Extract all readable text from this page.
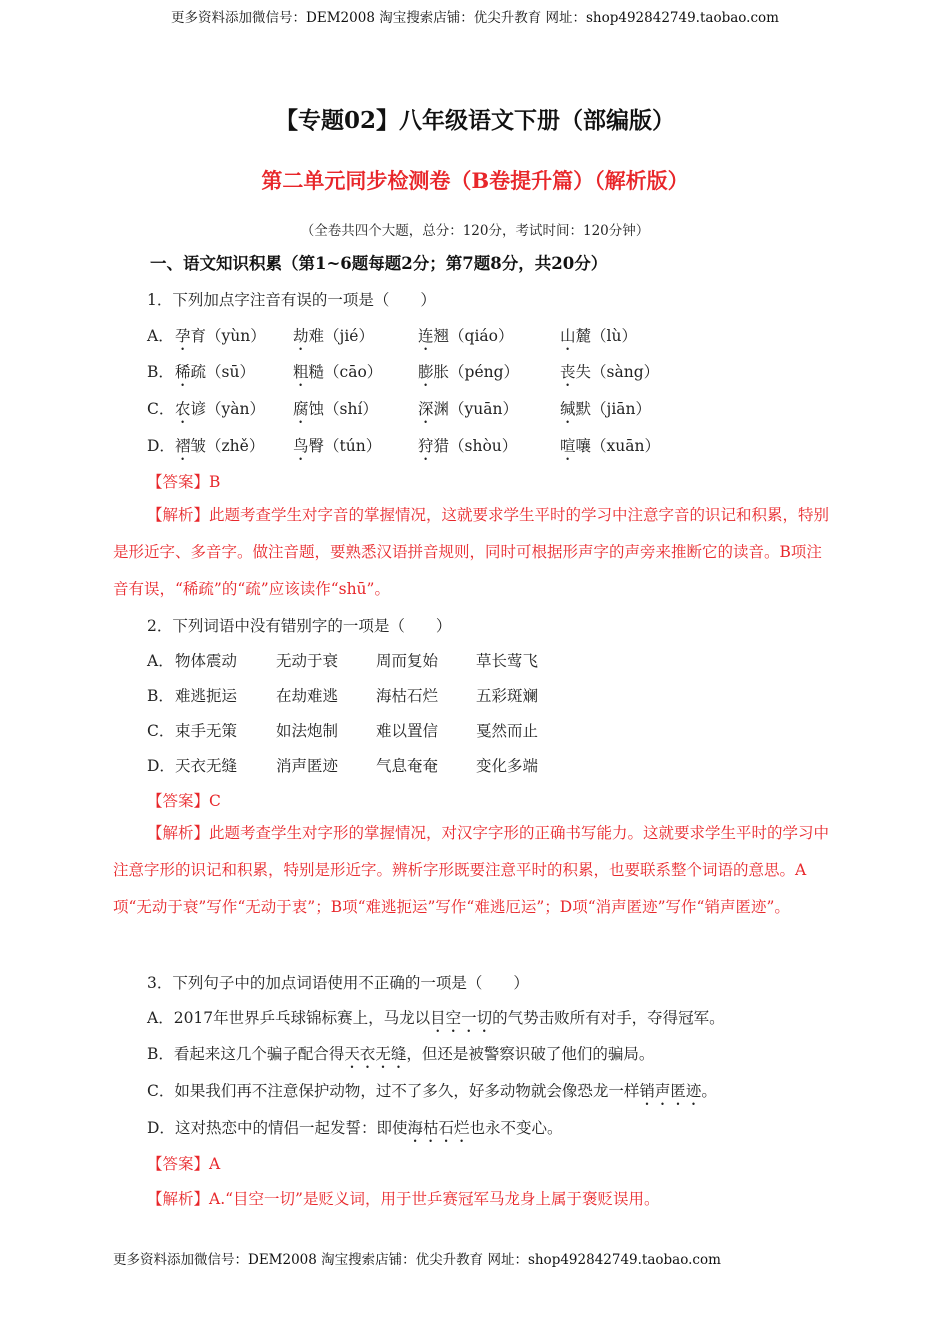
更多资料添加微信号：DEM2008 淘宝搜索店铺：优尖升教育 网址：shop492842749.taobao.com
【专题02】八年级语文下册（部编版）
第二单元同步检测卷（B卷提升篇）（解析版）
（全卷共四个大题，总分：120分，考试时间：120分钟）
一、语文知识积累（第1~6题每题2分；第7题8分，共20分）
1．下列加点字注音有误的一项是（　　）
A． 孕育（yùn） 劫难（jié）	连翘（qiáo）	山麓（lù）
B． 稀疏（sū） 粗糙（cāo） 膨胀（péng）	丧失（sàng）
C． 农谚（yàn） 腐蚀（shí）	深渊（yuān）	缄默（jiān）
D． 褶皱（zhě） 鸟臀（tún） 狩猎（shòu）	喧嚷（xuān）
【答案】B
【解析】此题考查学生对字音的掌握情况，这就要求学生平时的学习中注意字音的识记和积累，特别是形近字、多音字。做注音题，要熟悉汉语拼音规则，同时可根据形声字的声旁来推断它的读音。B项注音有误，“稀疏”的“疏”应该读作“shū”。
2．下列词语中没有错别字的一项是（　　）
A． 物体震动	无动于衰 周而复始 草长莺飞
B． 难逃扼运	在劫难逃 海枯石烂 五彩斑斓
C． 束手无策	如法炮制 难以置信 戛然而止
D． 天衣无缝	消声匿迹 气息奄奄 变化多端
【答案】C
【解析】此题考查学生对字形的掌握情况，对汉字字形的正确书写能力。这就要求学生平时的学习中注意字形的识记和积累，特别是形近字。辨析字形既要注意平时的积累，也要联系整个词语的意思。A项“无动于衰”写作“无动于衷”；B项“难逃扼运”写作“难逃厄运”；D项“消声匿迹”写作“销声匿迹”。
3．下列句子中的加点词语使用不正确的一项是（　　）
A．2017年世界乒乓球锦标赛上，马龙以目空一切的气势击败所有对手，夺得冠军。
B．看起来这几个骗子配合得天衣无缝，但还是被警察识破了他们的骗局。
C．如果我们再不注意保护动物，过不了多久，好多动物就会像恐龙一样销声匿迹。
D．这对热恋中的情侣一起发誓：即使海枯石烂也永不变心。
【答案】A
【解析】A.“目空一切”是贬义词，用于世乒赛冠军马龙身上属于褒贬误用。
更多资料添加微信号：DEM2008 淘宝搜索店铺：优尖升教育 网址：shop492842749.taobao.com
